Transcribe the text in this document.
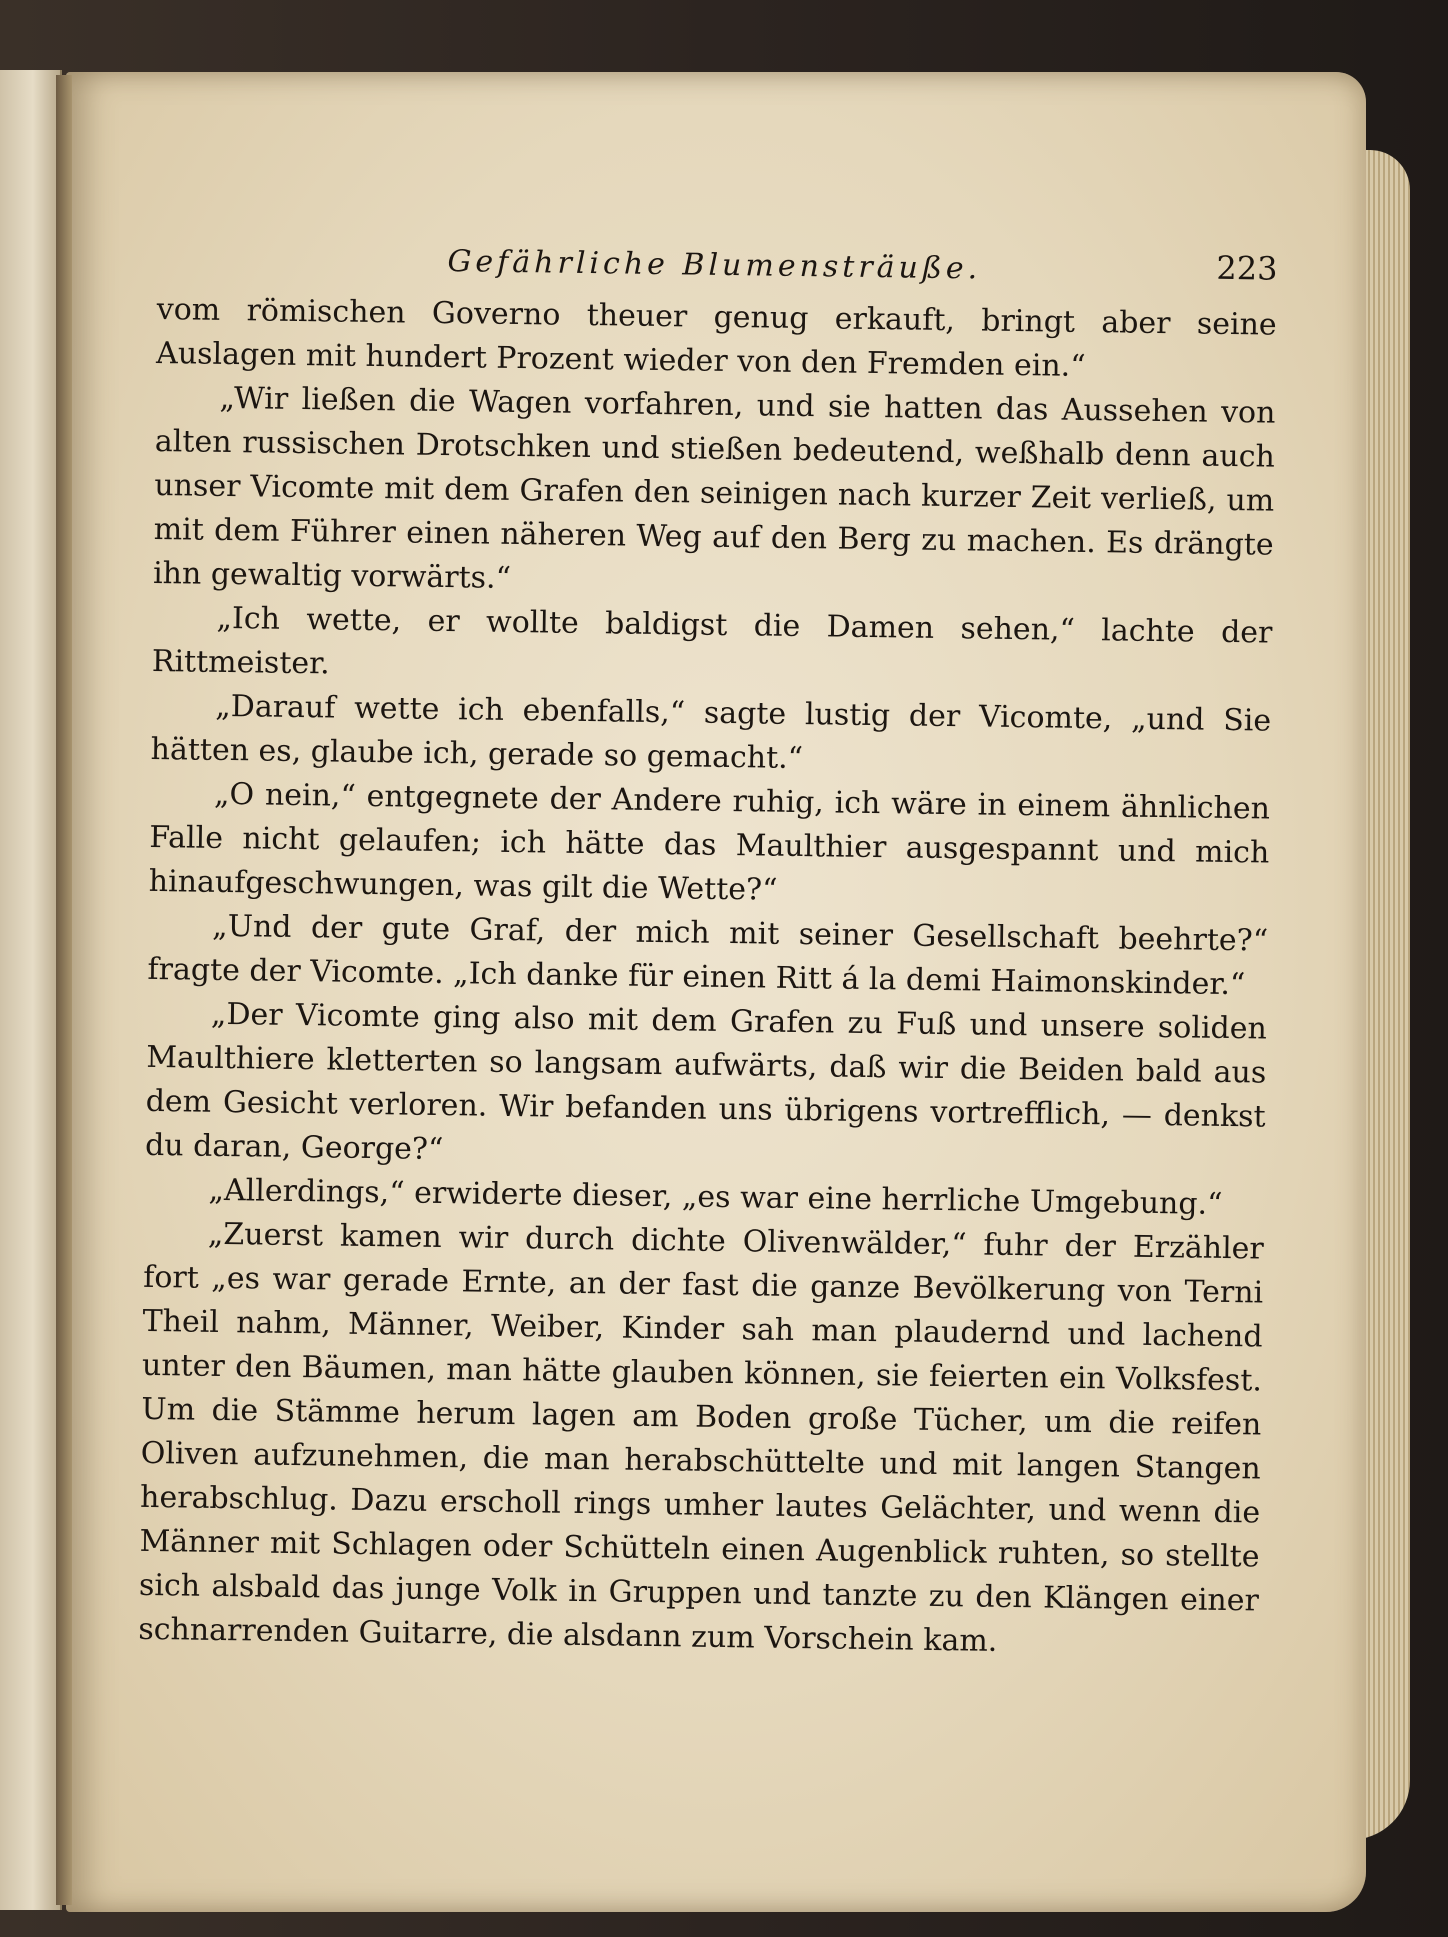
Gefährliche Blumensträuße.	223

vom römischen Governo theuer genug erkauft, bringt aber seine Auslagen mit hundert Prozent wieder von den Fremden ein.“

„Wir ließen die Wagen vorfahren, und sie hatten das Aussehen von alten russischen Drotschken und stießen bedeutend, weßhalb denn auch unser Vicomte mit dem Grafen den seinigen nach kurzer Zeit verließ, um mit dem Führer einen näheren Weg auf den Berg zu machen. Es drängte ihn gewaltig vorwärts.“

„Ich wette, er wollte baldigst die Damen sehen,“ lachte der Rittmeister.

„Darauf wette ich ebenfalls,“ sagte lustig der Vicomte, „und Sie hätten es, glaube ich, gerade so gemacht.“

„O nein,“ entgegnete der Andere ruhig, ich wäre in einem ähnlichen Falle nicht gelaufen; ich hätte das Maulthier ausgespannt und mich hinaufgeschwungen, was gilt die Wette?“

„Und der gute Graf, der mich mit seiner Gesellschaft beehrte?“ fragte der Vicomte. „Ich danke für einen Ritt á la demi Haimonskinder.“

„Der Vicomte ging also mit dem Grafen zu Fuß und unsere soliden Maulthiere kletterten so langsam aufwärts, daß wir die Beiden bald aus dem Gesicht verloren. Wir befanden uns übrigens vortrefflich, — denkst du daran, George?“

„Allerdings,“ erwiderte dieser, „es war eine herrliche Umgebung.“

„Zuerst kamen wir durch dichte Olivenwälder,“ fuhr der Erzähler fort „es war gerade Ernte, an der fast die ganze Bevölkerung von Terni Theil nahm, Männer, Weiber, Kinder sah man plaudernd und lachend unter den Bäumen, man hätte glauben können, sie feierten ein Volksfest. Um die Stämme herum lagen am Boden große Tücher, um die reifen Oliven aufzunehmen, die man herabschüttelte und mit langen Stangen herabschlug. Dazu erscholl rings umher lautes Gelächter, und wenn die Männer mit Schlagen oder Schütteln einen Augenblick ruhten, so stellte sich alsbald das junge Volk in Gruppen und tanzte zu den Klängen einer schnarrenden Guitarre, die alsdann zum Vorschein kam.
